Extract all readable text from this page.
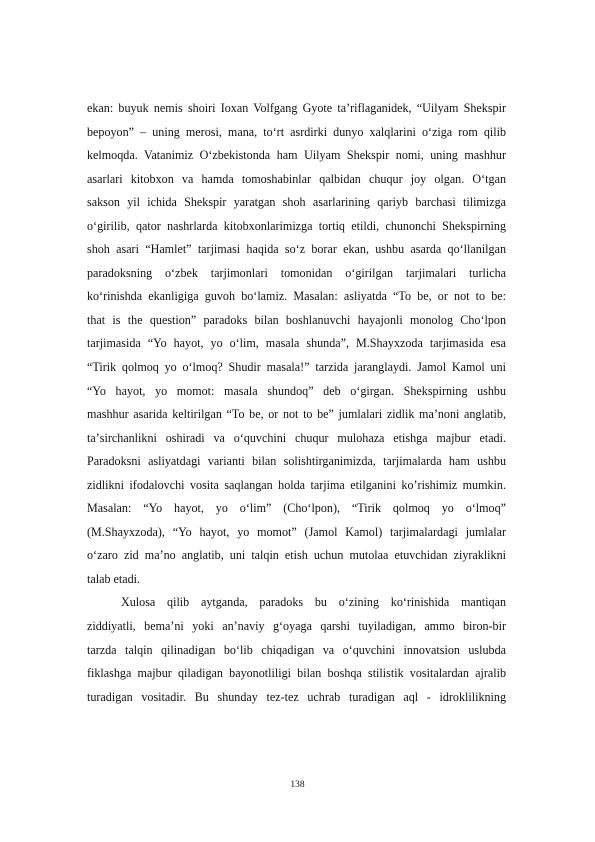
ekan: buyuk nemis shoiri Ioxan Volfgang Gyote taʼriflaganidek, “Uilyam Shekspir

bepoyon” – uning merosi, mana, to‘rt asrdirki dunyo xalqlarini o‘ziga rom qilib

kelmoqda. Vatanimiz O‘zbekistonda ham Uilyam Shekspir nomi, uning mashhur

asarlari kitobxon va hamda tomoshabinlar qalbidan chuqur joy olgan. O‘tgan

sakson yil ichida Shekspir yaratgan shoh asarlarining qariyb barchasi tilimizga

o‘girilib, qator nashrlarda kitobxonlarimizga tortiq etildi, chunonchi Shekspirning

shoh asari “Hamlet” tarjimasi haqida so‘z borar ekan, ushbu asarda qo‘llanilgan

paradoksning o‘zbek tarjimonlari tomonidan o‘girilgan tarjimalari turlicha

ko‘rinishda ekanligiga guvoh bo‘lamiz. Masalan: asliyatda “To be, or not to be:

that is the question” paradoks bilan boshlanuvchi hayajonli monolog Cho‘lpon

tarjimasida “Yo hayot, yo o‘lim, masala shunda”, M.Shayxzoda tarjimasida esa

“Tirik qolmoq yo o‘lmoq? Shudir masala!” tarzida jaranglaydi. Jamol Kamol uni

“Yo hayot, yo momot: masala shundoq” deb o‘girgan. Shekspirning ushbu

mashhur asarida keltirilgan “To be, or not to be” jumlalari zidlik maʼnoni anglatib,

taʼsirchanlikni oshiradi va o‘quvchini chuqur mulohaza etishga majbur etadi.

Paradoksni asliyatdagi varianti bilan solishtirganimizda, tarjimalarda ham ushbu

zidlikni ifodalovchi vosita saqlangan holda tarjima etilganini koʼrishimiz mumkin.

Masalan: “Yo hayot, yo o‘lim” (Cho‘lpon), “Tirik qolmoq yo o‘lmoq”

(M.Shayxzoda), “Yo hayot, yo momot” (Jamol Kamol) tarjimalardagi jumlalar

o‘zaro zid maʼno anglatib, uni talqin etish uchun mutolaa etuvchidan ziyraklikni

talab etadi.

Xulosa qilib aytganda, paradoks bu o‘zining ko‘rinishida mantiqan

ziddiyatli, bemaʼni yoki anʼnaviy g‘oyaga qarshi tuyiladigan, ammo biron-bir

tarzda talqin qilinadigan bo‘lib chiqadigan va o‘quvchini innovatsion uslubda

fiklashga majbur qiladigan bayonotliligi bilan boshqa stilistik vositalardan ajralib

turadigan vositadir. Bu shunday tez-tez uchrab turadigan aql - idroklilikning

138
